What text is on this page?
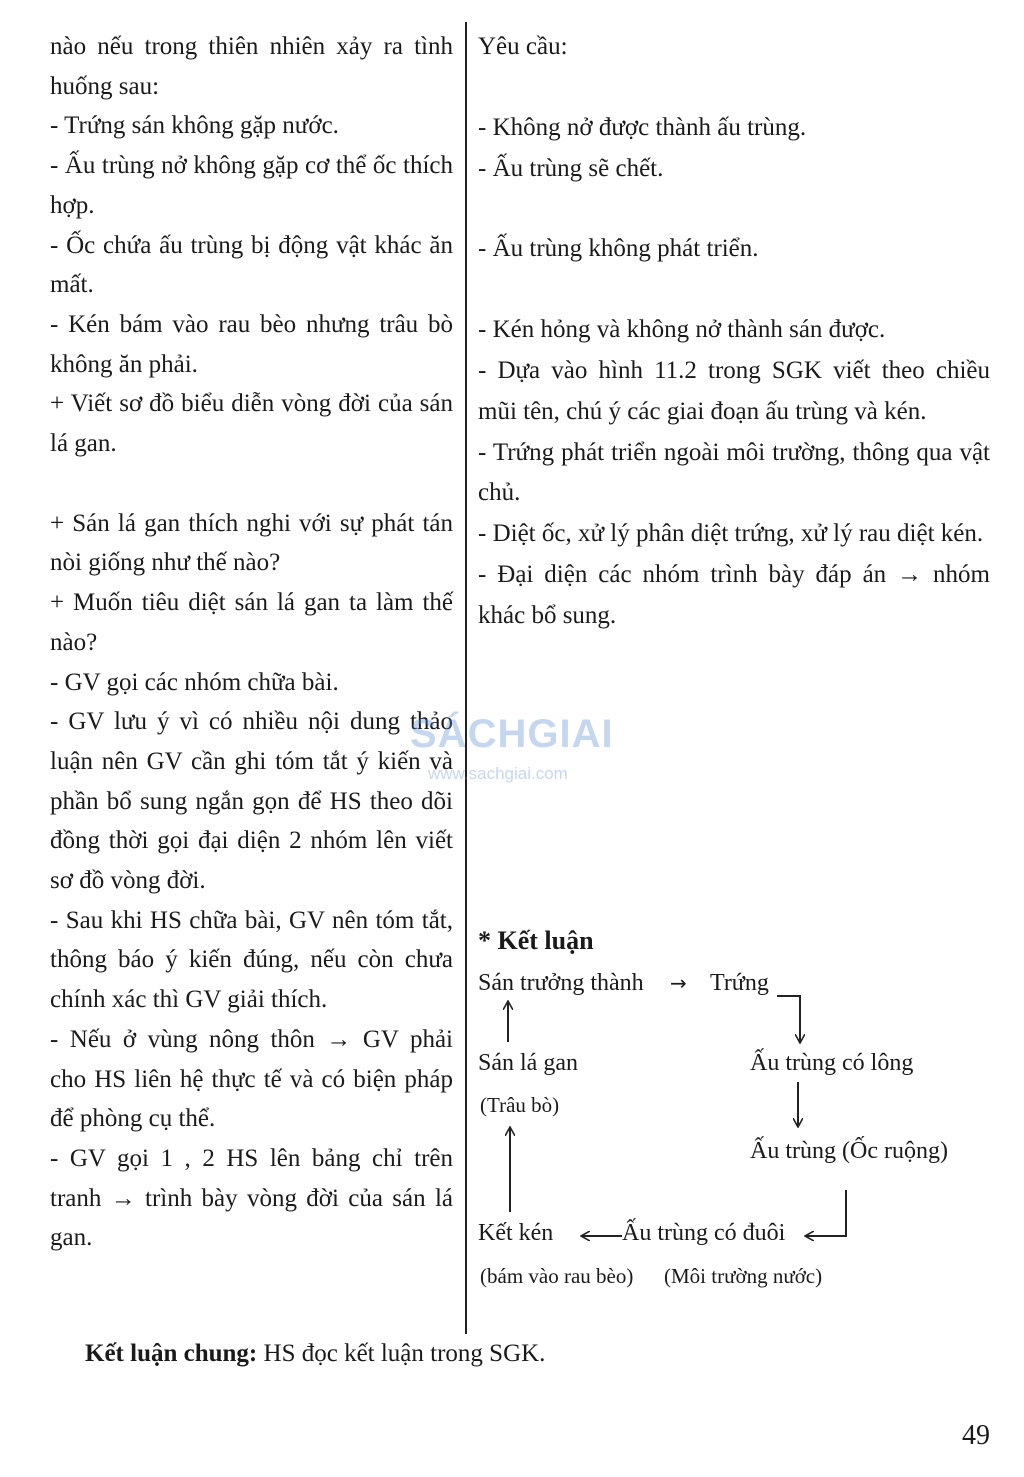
nào nếu trong thiên nhiên xảy ra tình huống sau:

- Trứng sán không gặp nước.

- Ấu trùng nở không gặp cơ thể ốc thích hợp.

- Ốc chứa ấu trùng bị động vật khác ăn mất.

- Kén bám vào rau bèo nhưng trâu bò không ăn phải.

+ Viết sơ đồ biểu diễn vòng đời của sán lá gan.

+ Sán lá gan thích nghi với sự phát tán nòi giống như thế nào?

+ Muốn tiêu diệt sán lá gan ta làm thế nào?

- GV gọi các nhóm chữa bài.

- GV lưu ý vì có nhiều nội dung thảo luận nên GV cần ghi tóm tắt ý kiến và phần bổ sung ngắn gọn để HS theo dõi đồng thời gọi đại diện 2 nhóm lên viết sơ đồ vòng đời.

- Sau khi HS chữa bài, GV nên tóm tắt, thông báo ý kiến đúng, nếu còn chưa chính xác thì GV giải thích.

- Nếu ở vùng nông thôn → GV phải cho HS liên hệ thực tế và có biện pháp để phòng cụ thể.

- GV gọi 1 , 2 HS lên bảng chỉ trên tranh → trình bày vòng đời của sán lá gan.

Yêu cầu:

- Không nở được thành ấu trùng.

- Ấu trùng sẽ chết.

- Ấu trùng không phát triển.

- Kén hỏng và không nở thành sán được.

- Dựa vào hình 11.2 trong SGK viết theo chiều mũi tên, chú ý các giai đoạn ấu trùng và kén.

- Trứng phát triển ngoài môi trường, thông qua vật chủ.

- Diệt ốc, xử lý phân diệt trứng, xử lý rau diệt kén.

- Đại diện các nhóm trình bày đáp án → nhóm khác bổ sung.

SÁCHGIAI
www.sachgiai.com
* Kết luận
Sán trưởng thành → Trứng
Sán lá gan
(Trâu bò)
Ấu trùng có lông
Ấu trùng (Ốc ruộng)
Kết kén	Ấu trùng có đuôi
(bám vào rau bèo) (Môi trường nước)
Kết luận chung: HS đọc kết luận trong SGK.
49
